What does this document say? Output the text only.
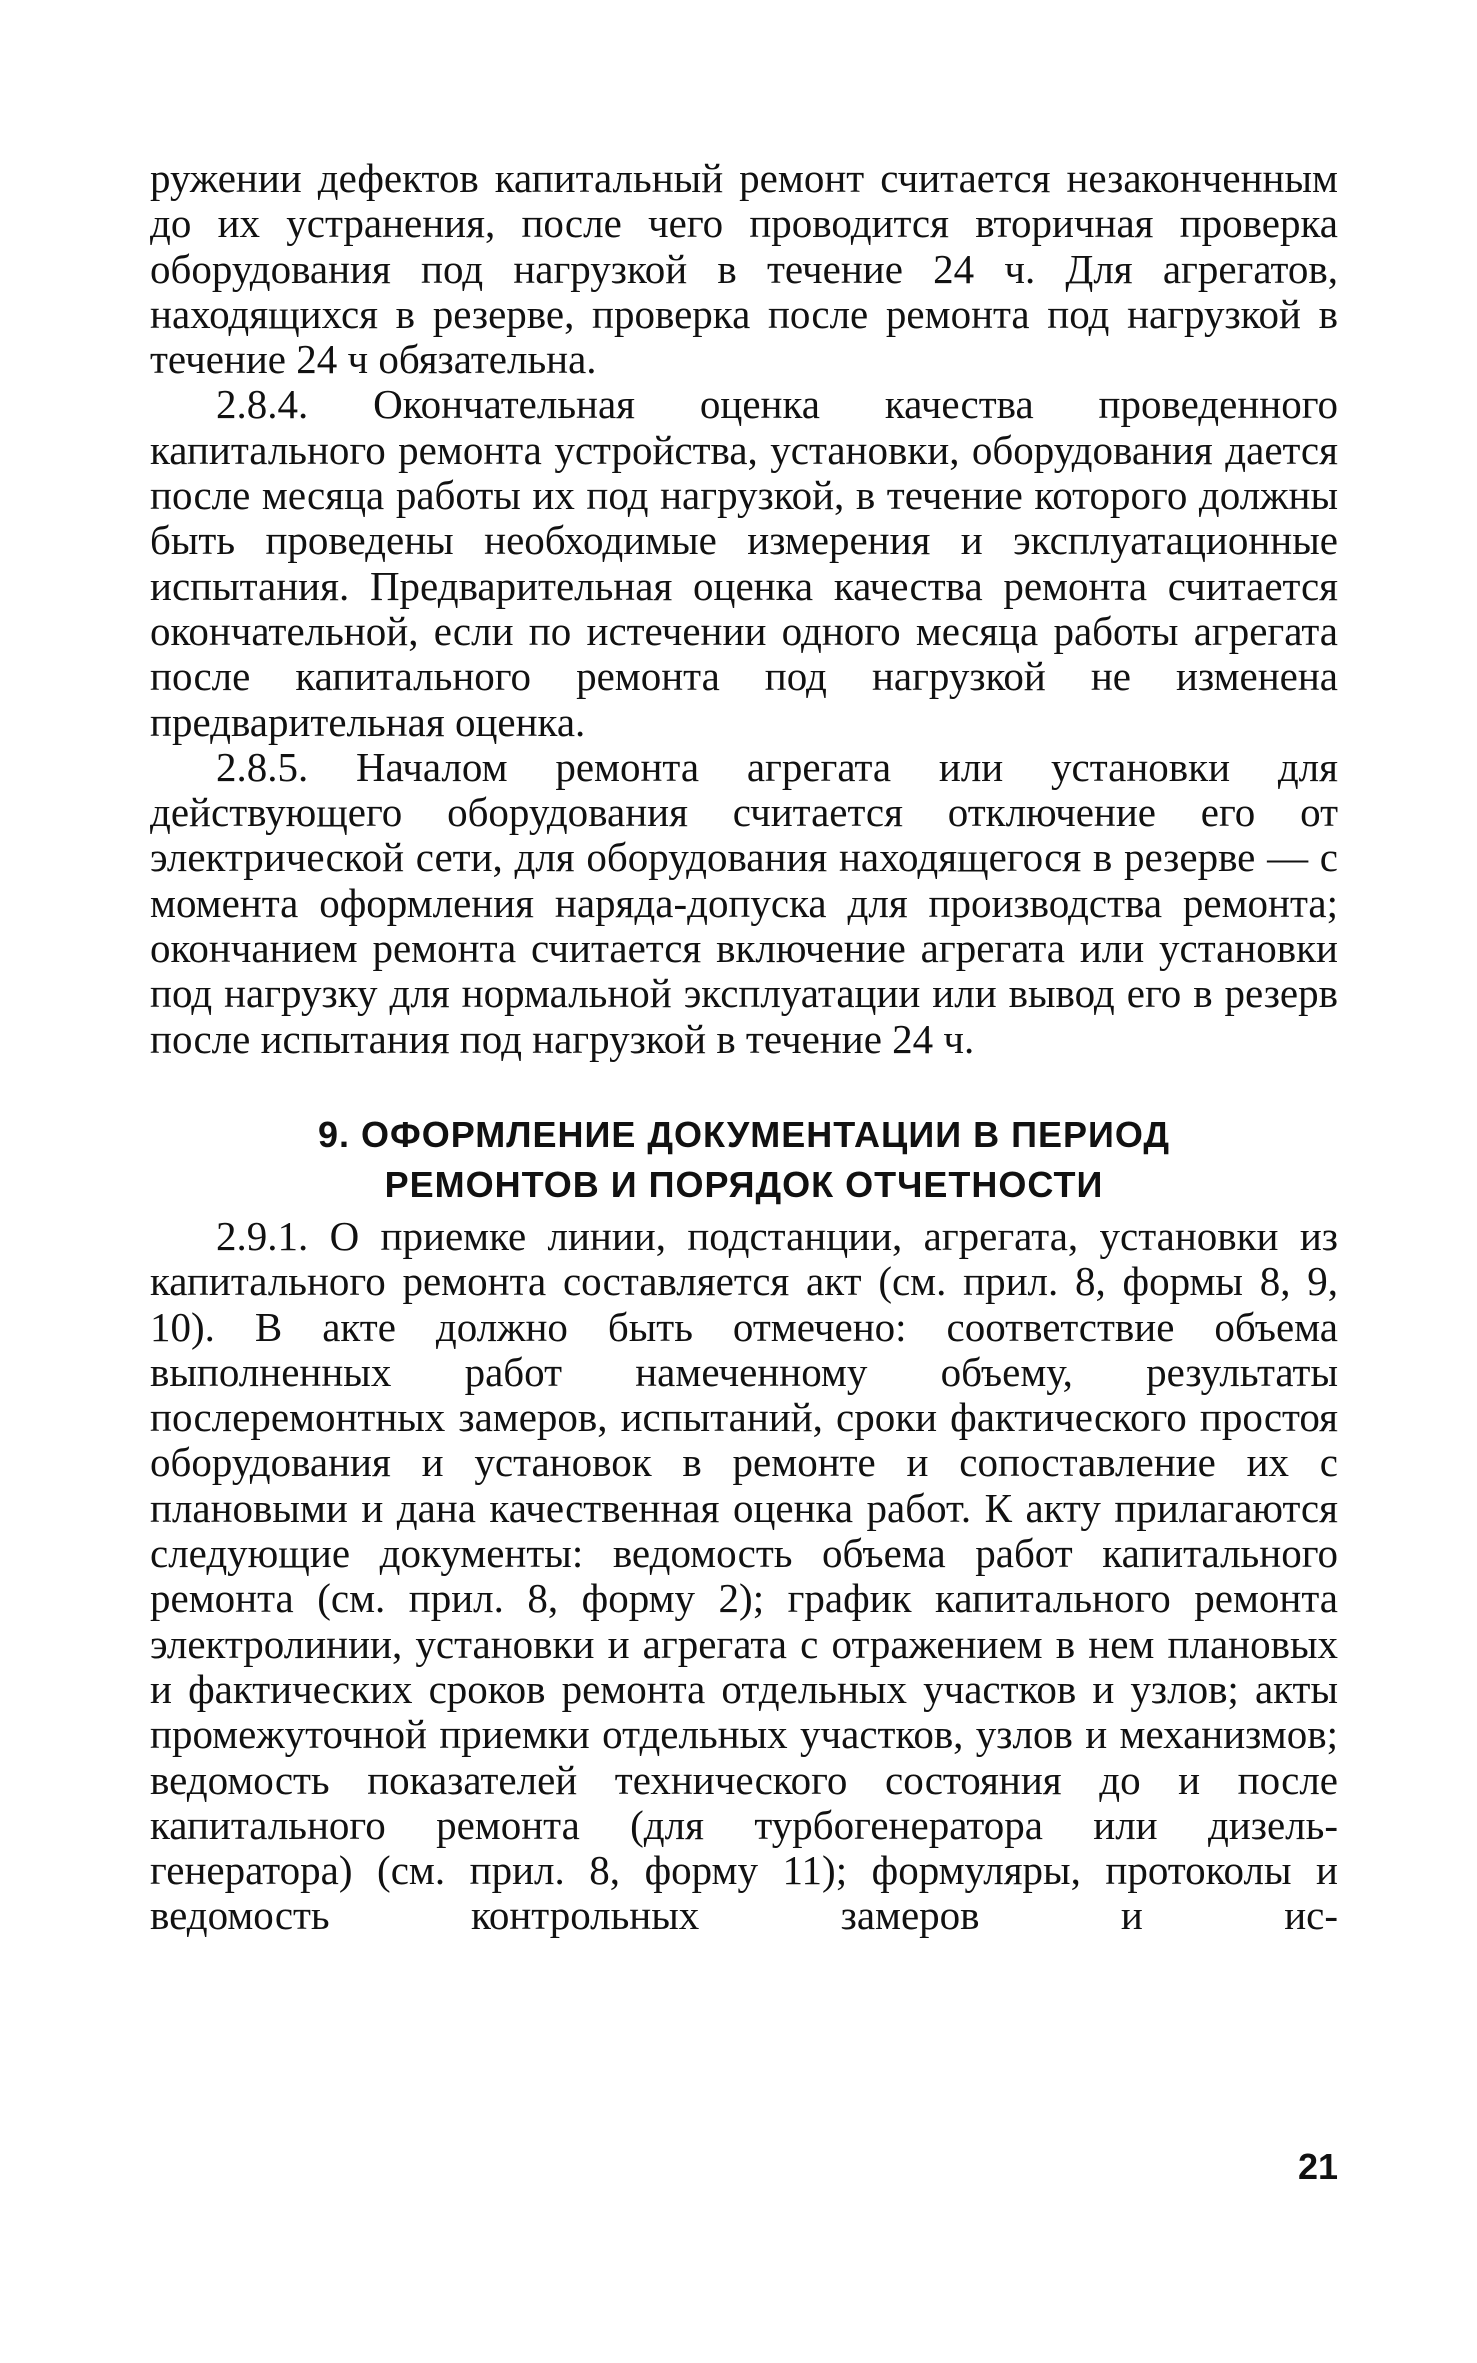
ружении дефектов капитальный ремонт считается незаконченным до их устранения, после чего проводится вторичная проверка оборудования под нагрузкой в течение 24 ч. Для агрегатов, находящихся в резерве, проверка после ремонта под нагрузкой в течение 24 ч обязательна.

2.8.4. Окончательная оценка качества проведенного капитального ремонта устройства, установки, оборудования дается после месяца работы их под нагрузкой, в течение которого должны быть проведены необходимые измерения и эксплуатационные испытания. Предварительная оценка качества ремонта считается окончательной, если по истечении одного месяца работы агрегата после капитального ремонта под нагрузкой не изменена предварительная оценка.

2.8.5. Началом ремонта агрегата или установки для действующего оборудования считается отключение его от электрической сети, для оборудования находящегося в резерве — с момента оформления наряда-допуска для производства ремонта; окончанием ремонта считается включение агрегата или установки под нагрузку для нормальной эксплуатации или вывод его в резерв после испытания под нагрузкой в течение 24 ч.

9. ОФОРМЛЕНИЕ ДОКУМЕНТАЦИИ В ПЕРИОД
РЕМОНТОВ И ПОРЯДОК ОТЧЕТНОСТИ

2.9.1. О приемке линии, подстанции, агрегата, установки из капитального ремонта составляется акт (см. прил. 8, формы 8, 9, 10). В акте должно быть отмечено: соответствие объема выполненных работ намеченному объему, результаты послеремонтных замеров, испытаний, сроки фактического простоя оборудования и установок в ремонте и сопоставление их с плановыми и дана качественная оценка работ. К акту прилагаются следующие документы: ведомость объема работ капитального ремонта (см. прил. 8, форму 2); график капитального ремонта электролинии, установки и агрегата с отражением в нем плановых и фактических сроков ремонта отдельных участков и узлов; акты промежуточной приемки отдельных участков, узлов и механизмов; ведомость показателей технического состояния до и после капитального ремонта (для турбогенератора или дизель-генератора) (см. прил. 8, форму 11); формуляры, протоколы и ведомость контрольных замеров и ис-

21
